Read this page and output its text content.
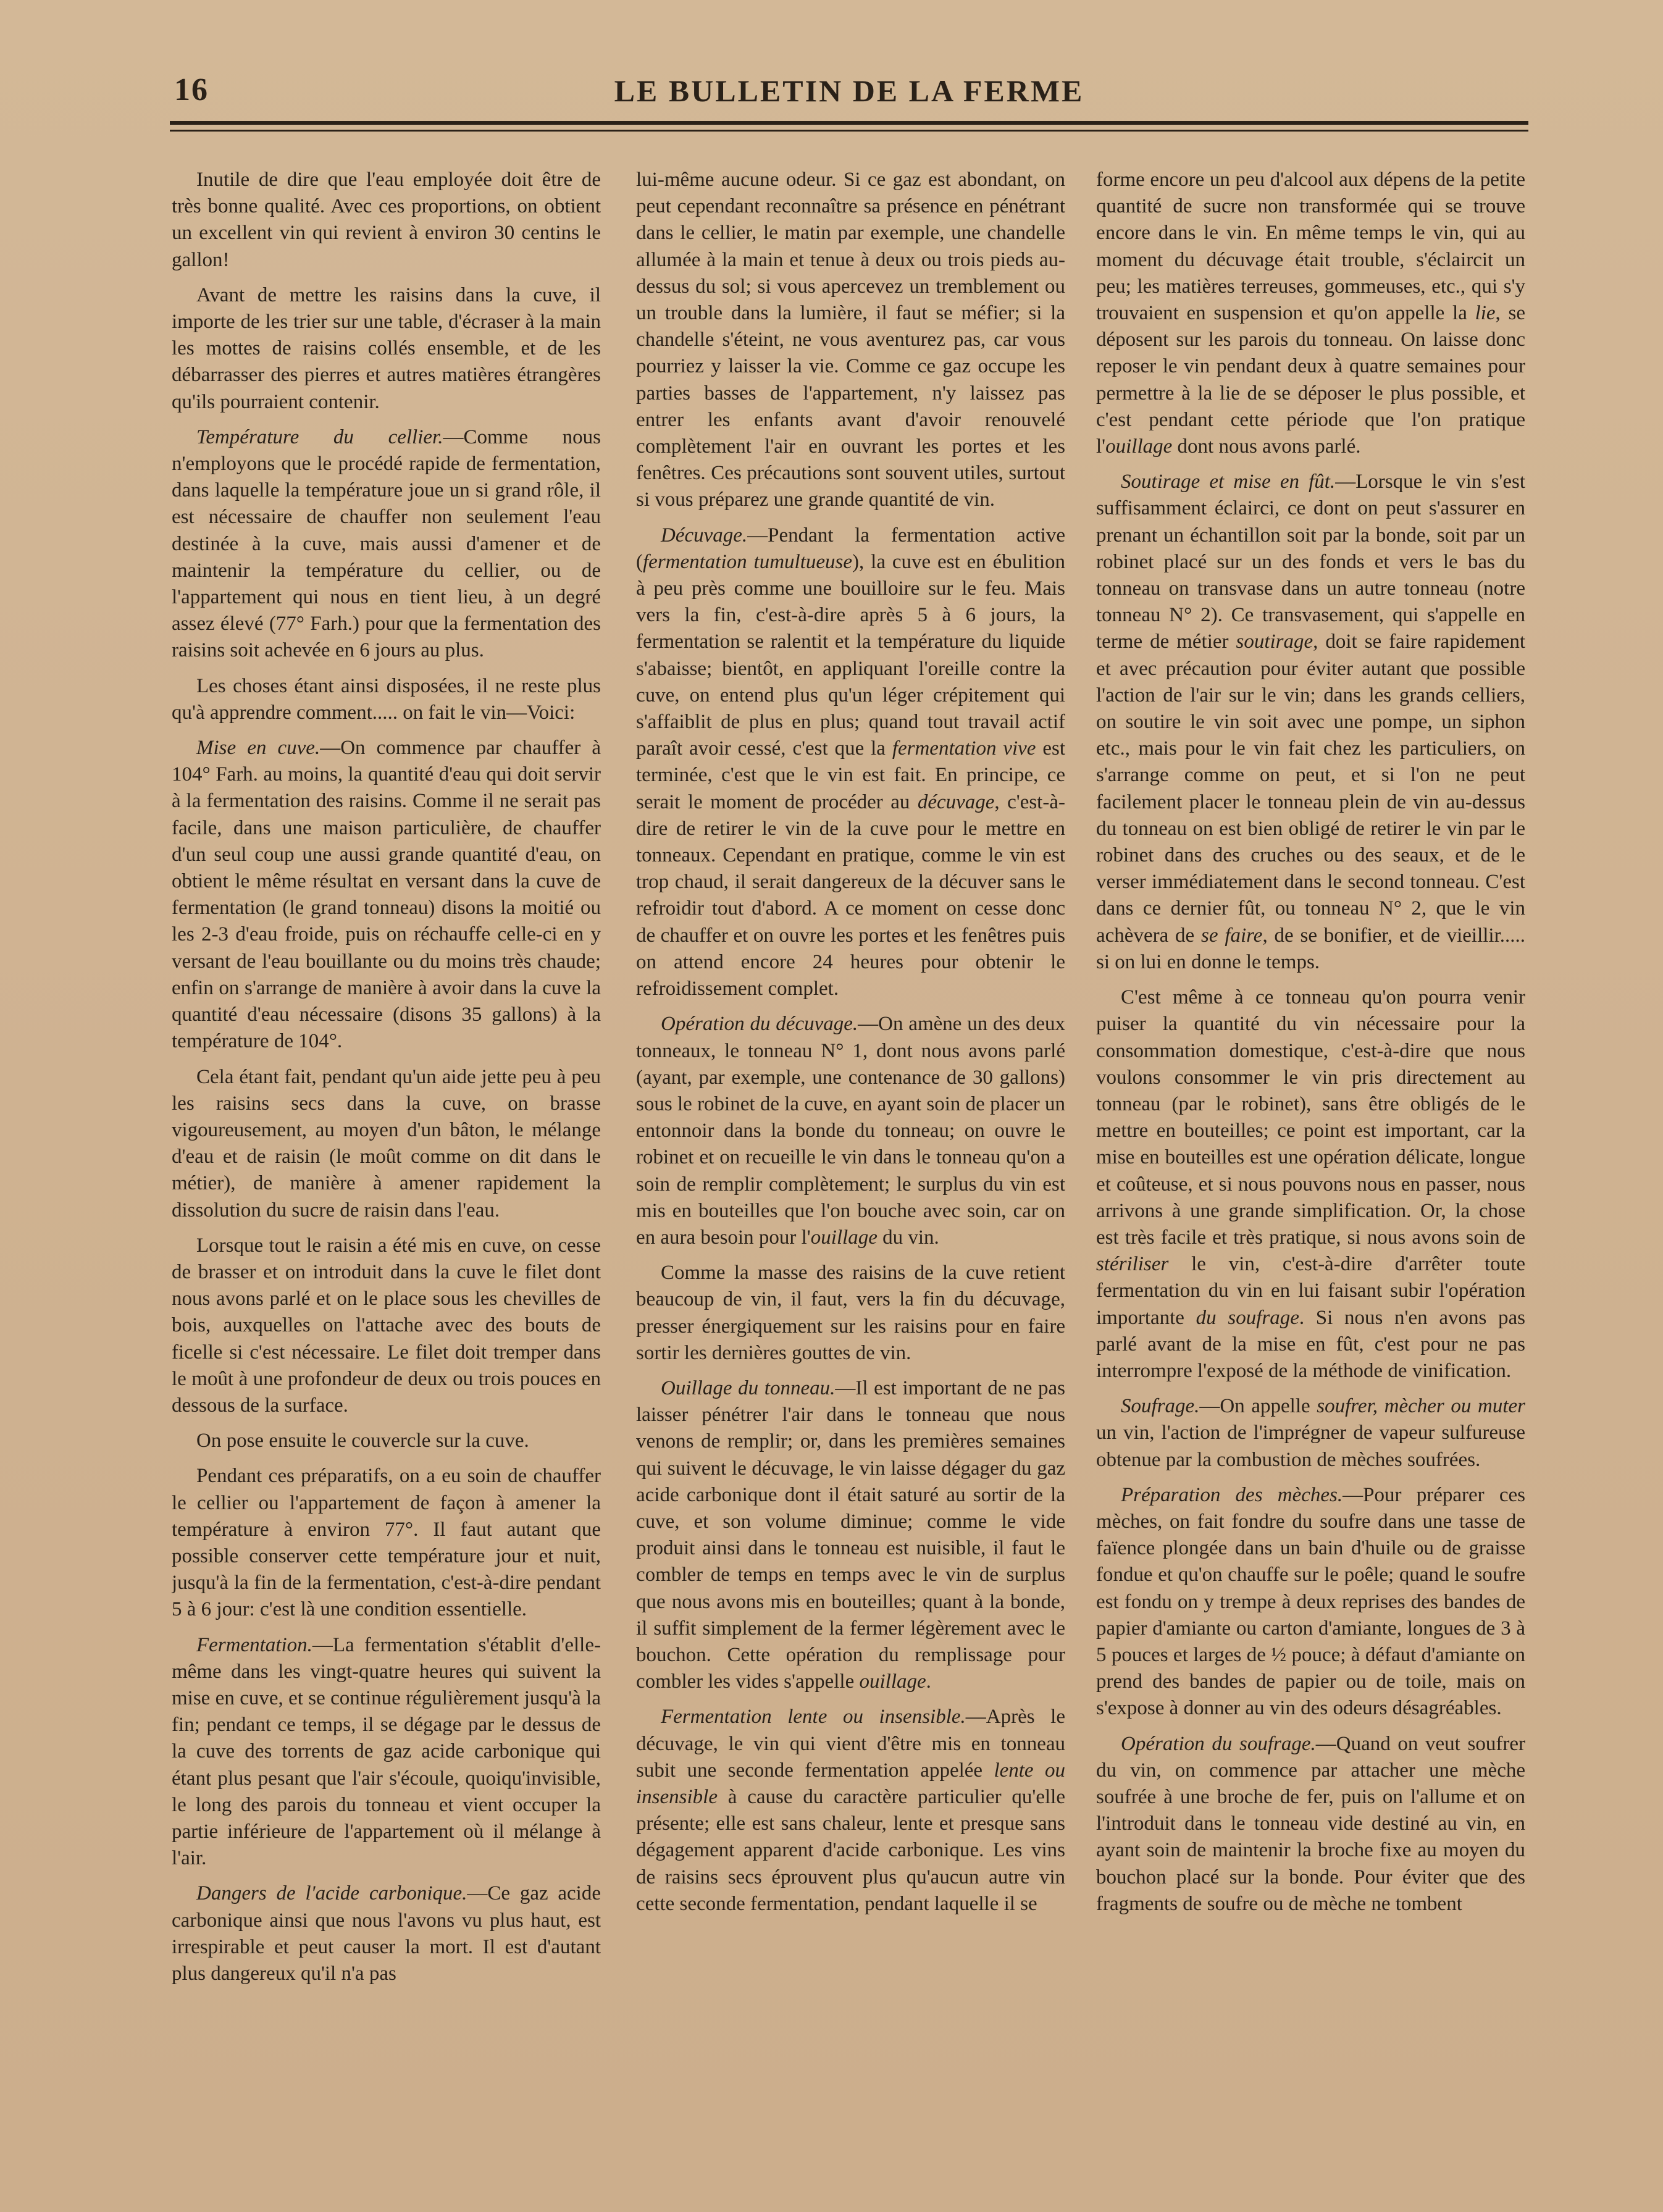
16	LE BULLETIN DE LA FERME

Inutile de dire que l'eau employée doit être de très bonne qualité. Avec ces proportions, on obtient un excellent vin qui revient à environ 30 centins le gallon!

Avant de mettre les raisins dans la cuve, il importe de les trier sur une table, d'écraser à la main les mottes de raisins collés ensemble, et de les débarrasser des pierres et autres matières étrangères qu'ils pourraient contenir.

Température du cellier.—Comme nous n'employons que le procédé rapide de fermentation, dans laquelle la température joue un si grand rôle, il est nécessaire de chauffer non seulement l'eau destinée à la cuve, mais aussi d'amener et de maintenir la température du cellier, ou de l'appartement qui nous en tient lieu, à un degré assez élevé (77° Farh.) pour que la fermentation des raisins soit achevée en 6 jours au plus.

Les choses étant ainsi disposées, il ne reste plus qu'à apprendre comment..... on fait le vin—Voici:

Mise en cuve.—On commence par chauffer à 104° Farh. au moins, la quantité d'eau qui doit servir à la fermentation des raisins. Comme il ne serait pas facile, dans une maison particulière, de chauffer d'un seul coup une aussi grande quantité d'eau, on obtient le même résultat en versant dans la cuve de fermentation (le grand tonneau) disons la moitié ou les 2-3 d'eau froide, puis on réchauffe celle-ci en y versant de l'eau bouillante ou du moins très chaude; enfin on s'arrange de manière à avoir dans la cuve la quantité d'eau nécessaire (disons 35 gallons) à la température de 104°.

Cela étant fait, pendant qu'un aide jette peu à peu les raisins secs dans la cuve, on brasse vigoureusement, au moyen d'un bâton, le mélange d'eau et de raisin (le moût comme on dit dans le métier), de manière à amener rapidement la dissolution du sucre de raisin dans l'eau.

Lorsque tout le raisin a été mis en cuve, on cesse de brasser et on introduit dans la cuve le filet dont nous avons parlé et on le place sous les chevilles de bois, auxquelles on l'attache avec des bouts de ficelle si c'est nécessaire. Le filet doit tremper dans le moût à une profondeur de deux ou trois pouces en dessous de la surface.

On pose ensuite le couvercle sur la cuve.

Pendant ces préparatifs, on a eu soin de chauffer le cellier ou l'appartement de façon à amener la température à environ 77°. Il faut autant que possible conserver cette température jour et nuit, jusqu'à la fin de la fermentation, c'est-à-dire pendant 5 à 6 jour: c'est là une condition essentielle.

Fermentation.—La fermentation s'établit d'elle-même dans les vingt-quatre heures qui suivent la mise en cuve, et se continue régulièrement jusqu'à la fin; pendant ce temps, il se dégage par le dessus de la cuve des torrents de gaz acide carbonique qui étant plus pesant que l'air s'écoule, quoiqu'invisible, le long des parois du tonneau et vient occuper la partie inférieure de l'appartement où il mélange à l'air.

Dangers de l'acide carbonique.—Ce gaz acide carbonique ainsi que nous l'avons vu plus haut, est irrespirable et peut causer la mort. Il est d'autant plus dangereux qu'il n'a pas

lui-même aucune odeur. Si ce gaz est abondant, on peut cependant reconnaître sa présence en pénétrant dans le cellier, le matin par exemple, une chandelle allumée à la main et tenue à deux ou trois pieds au-dessus du sol; si vous apercevez un tremblement ou un trouble dans la lumière, il faut se méfier; si la chandelle s'éteint, ne vous aventurez pas, car vous pourriez y laisser la vie. Comme ce gaz occupe les parties basses de l'appartement, n'y laissez pas entrer les enfants avant d'avoir renouvelé complètement l'air en ouvrant les portes et les fenêtres. Ces précautions sont souvent utiles, surtout si vous préparez une grande quantité de vin.

Décuvage.—Pendant la fermentation active (fermentation tumultueuse), la cuve est en ébulition à peu près comme une bouilloire sur le feu. Mais vers la fin, c'est-à-dire après 5 à 6 jours, la fermentation se ralentit et la température du liquide s'abaisse; bientôt, en appliquant l'oreille contre la cuve, on entend plus qu'un léger crépitement qui s'affaiblit de plus en plus; quand tout travail actif paraît avoir cessé, c'est que la fermentation vive est terminée, c'est que le vin est fait. En principe, ce serait le moment de procéder au décuvage, c'est-à-dire de retirer le vin de la cuve pour le mettre en tonneaux. Cependant en pratique, comme le vin est trop chaud, il serait dangereux de la décuver sans le refroidir tout d'abord. A ce moment on cesse donc de chauffer et on ouvre les portes et les fenêtres puis on attend encore 24 heures pour obtenir le refroidissement complet.

Opération du décuvage.—On amène un des deux tonneaux, le tonneau N° 1, dont nous avons parlé (ayant, par exemple, une contenance de 30 gallons) sous le robinet de la cuve, en ayant soin de placer un entonnoir dans la bonde du tonneau; on ouvre le robinet et on recueille le vin dans le tonneau qu'on a soin de remplir complètement; le surplus du vin est mis en bouteilles que l'on bouche avec soin, car on en aura besoin pour l'ouillage du vin.

Comme la masse des raisins de la cuve retient beaucoup de vin, il faut, vers la fin du décuvage, presser énergiquement sur les raisins pour en faire sortir les dernières gouttes de vin.

Ouillage du tonneau.—Il est important de ne pas laisser pénétrer l'air dans le tonneau que nous venons de remplir; or, dans les premières semaines qui suivent le décuvage, le vin laisse dégager du gaz acide carbonique dont il était saturé au sortir de la cuve, et son volume diminue; comme le vide produit ainsi dans le tonneau est nuisible, il faut le combler de temps en temps avec le vin de surplus que nous avons mis en bouteilles; quant à la bonde, il suffit simplement de la fermer légèrement avec le bouchon. Cette opération du remplissage pour combler les vides s'appelle ouillage.

Fermentation lente ou insensible.—Après le décuvage, le vin qui vient d'être mis en tonneau subit une seconde fermentation appelée lente ou insensible à cause du caractère particulier qu'elle présente; elle est sans chaleur, lente et presque sans dégagement apparent d'acide carbonique. Les vins de raisins secs éprouvent plus qu'aucun autre vin cette seconde fermentation, pendant laquelle il se

forme encore un peu d'alcool aux dépens de la petite quantité de sucre non transformée qui se trouve encore dans le vin. En même temps le vin, qui au moment du décuvage était trouble, s'éclaircit un peu; les matières terreuses, gommeuses, etc., qui s'y trouvaient en suspension et qu'on appelle la lie, se déposent sur les parois du tonneau. On laisse donc reposer le vin pendant deux à quatre semaines pour permettre à la lie de se déposer le plus possible, et c'est pendant cette période que l'on pratique l'ouillage dont nous avons parlé.

Soutirage et mise en fût.—Lorsque le vin s'est suffisamment éclairci, ce dont on peut s'assurer en prenant un échantillon soit par la bonde, soit par un robinet placé sur un des fonds et vers le bas du tonneau on transvase dans un autre tonneau (notre tonneau N° 2). Ce transvasement, qui s'appelle en terme de métier soutirage, doit se faire rapidement et avec précaution pour éviter autant que possible l'action de l'air sur le vin; dans les grands celliers, on soutire le vin soit avec une pompe, un siphon etc., mais pour le vin fait chez les particuliers, on s'arrange comme on peut, et si l'on ne peut facilement placer le tonneau plein de vin au-dessus du tonneau on est bien obligé de retirer le vin par le robinet dans des cruches ou des seaux, et de le verser immédiatement dans le second tonneau. C'est dans ce dernier fût, ou tonneau N° 2, que le vin achèvera de se faire, de se bonifier, et de vieillir..... si on lui en donne le temps.

C'est même à ce tonneau qu'on pourra venir puiser la quantité du vin nécessaire pour la consommation domestique, c'est-à-dire que nous voulons consommer le vin pris directement au tonneau (par le robinet), sans être obligés de le mettre en bouteilles; ce point est important, car la mise en bouteilles est une opération délicate, longue et coûteuse, et si nous pouvons nous en passer, nous arrivons à une grande simplification. Or, la chose est très facile et très pratique, si nous avons soin de stériliser le vin, c'est-à-dire d'arrêter toute fermentation du vin en lui faisant subir l'opération importante du soufrage. Si nous n'en avons pas parlé avant de la mise en fût, c'est pour ne pas interrompre l'exposé de la méthode de vinification.

Soufrage.—On appelle soufrer, mècher ou muter un vin, l'action de l'imprégner de vapeur sulfureuse obtenue par la combustion de mèches soufrées.

Préparation des mèches.—Pour préparer ces mèches, on fait fondre du soufre dans une tasse de faïence plongée dans un bain d'huile ou de graisse fondue et qu'on chauffe sur le poêle; quand le soufre est fondu on y trempe à deux reprises des bandes de papier d'amiante ou carton d'amiante, longues de 3 à 5 pouces et larges de ½ pouce; à défaut d'amiante on prend des bandes de papier ou de toile, mais on s'expose à donner au vin des odeurs désagréables.

Opération du soufrage.—Quand on veut soufrer du vin, on commence par attacher une mèche soufrée à une broche de fer, puis on l'allume et on l'introduit dans le tonneau vide destiné au vin, en ayant soin de maintenir la broche fixe au moyen du bouchon placé sur la bonde. Pour éviter que des fragments de soufre ou de mèche ne tombent
